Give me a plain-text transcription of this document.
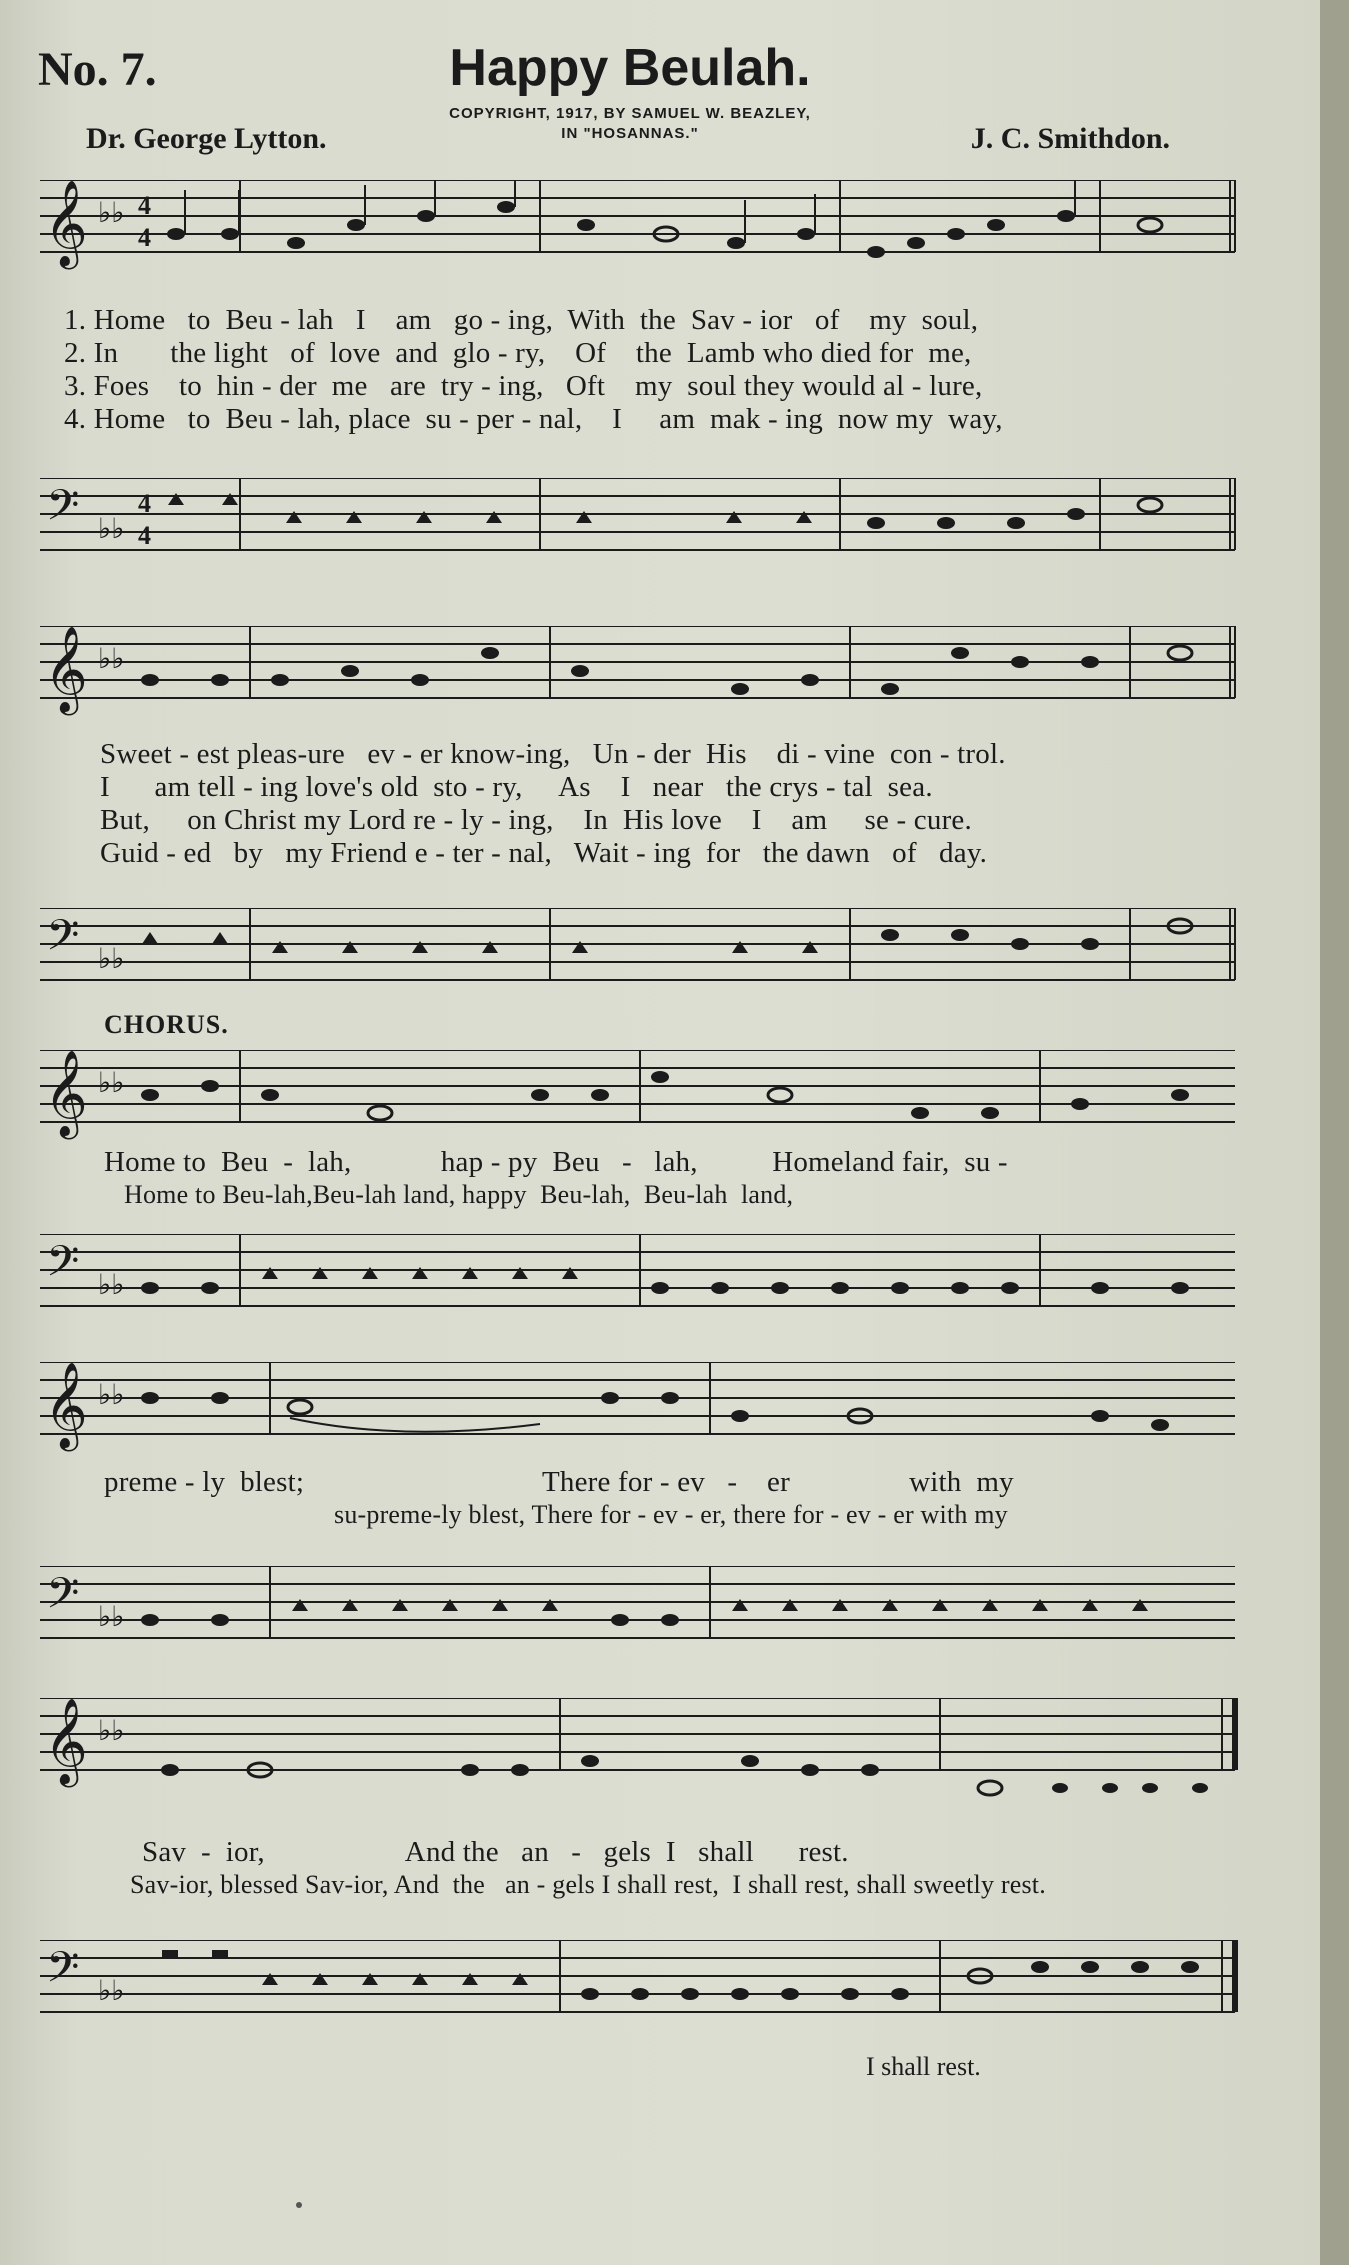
No. 7.	Happy Beulah.
COPYRIGHT, 1917, BY SAMUEL W. BEAZLEY,
IN "HOSANNAS."
Dr. George Lytton.	J. C. Smithdon.
𝄞 ♭♭ 4
4
1. Home   to  Beu - lah   I    am   go - ing,  With  the  Sav - ior   of    my  soul,
2. In       the light   of  love  and  glo - ry,    Of    the  Lamb who died for  me,
3. Foes    to  hin - der  me   are  try - ing,   Oft    my  soul they would al - lure,
4. Home   to  Beu - lah, place  su - per - nal,    I     am  mak - ing  now my  way,
𝄢 ♭♭
4
4
𝄞 ♭♭
Sweet - est pleas-ure   ev - er know-ing,   Un - der  His    di - vine  con - trol.
I      am tell - ing love's old  sto - ry,     As    I   near   the crys - tal  sea.
But,     on Christ my Lord re - ly - ing,    In  His love    I    am     se - cure.
Guid - ed   by   my Friend e - ter - nal,   Wait - ing  for   the dawn   of   day.
𝄢 ♭♭
CHORUS.
𝄞 ♭♭
Home to  Beu  -  lah,            hap - py  Beu   -   lah,          Homeland fair,  su -
Home to Beu-lah,Beu-lah land, happy  Beu-lah,  Beu-lah  land,
𝄢 ♭♭
𝄞 ♭♭
preme - ly  blest;                                There for - ev   -    er                with  my
su-preme-ly blest, There for - ev - er, there for - ev - er with my
𝄢 ♭♭
𝄞 ♭♭
Sav  -  ior,                   And the   an   -   gels  I   shall      rest.
Sav-ior, blessed Sav-ior, And  the   an - gels I shall rest,  I shall rest, shall sweetly rest.
𝄢 ♭♭
I shall rest.
